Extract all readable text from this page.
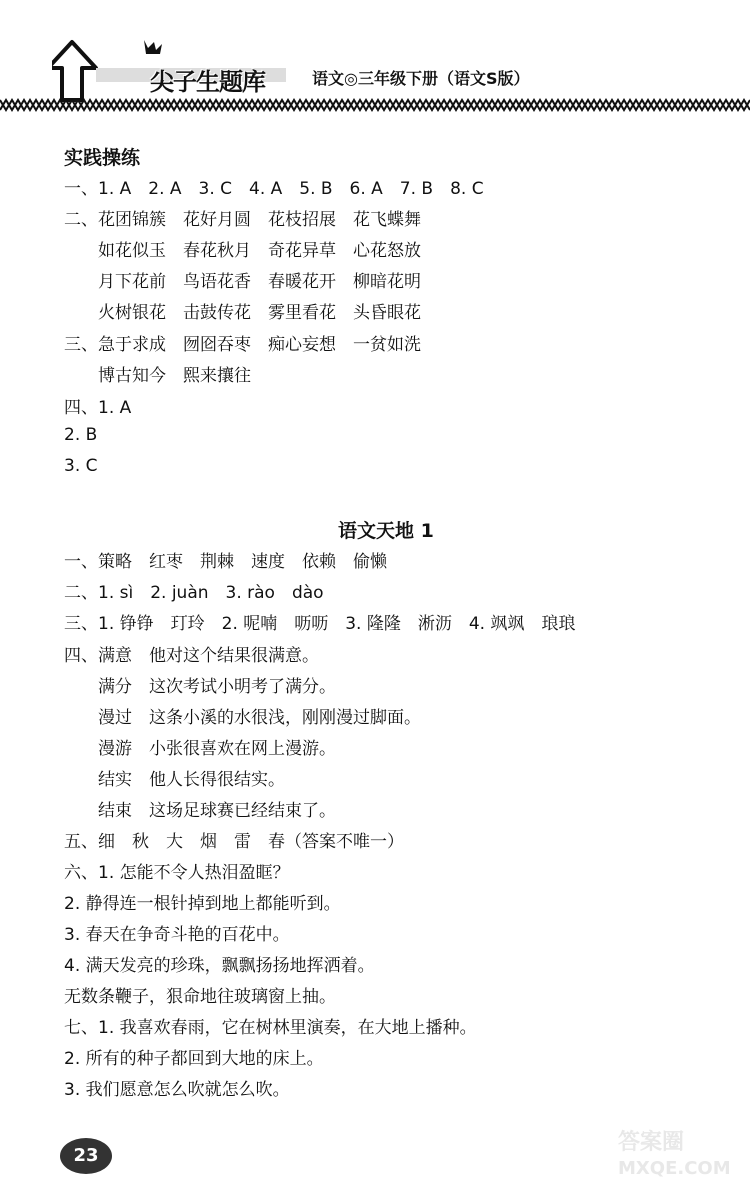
尖子生题库	语文◎三年级下册（语文S版）
实践操练
一、1. A　2. A　3. C　4. A　5. B　6. A　7. B　8. C
二、花团锦簇　花好月圆　花枝招展　花飞蝶舞
　　如花似玉　春花秋月　奇花异草　心花怒放
　　月下花前　鸟语花香　春暖花开　柳暗花明
　　火树银花　击鼓传花　雾里看花　头昏眼花
三、急于求成　囫囵吞枣　痴心妄想　一贫如洗
　　博古知今　熙来攘往
四、1. A
2. B
3. C
语文天地 1
一、策略　红枣　荆棘　速度　依赖　偷懒
二、1. sì　2. juàn　3. rào　dào
三、1. 铮铮　玎玲　2. 呢喃　呖呖　3. 隆隆　淅沥　4. 飒飒　琅琅
四、满意　他对这个结果很满意。
　　满分　这次考试小明考了满分。
　　漫过　这条小溪的水很浅，刚刚漫过脚面。
　　漫游　小张很喜欢在网上漫游。
　　结实　他人长得很结实。
　　结束　这场足球赛已经结束了。
五、细　秋　大　烟　雷　春（答案不唯一）
六、1. 怎能不令人热泪盈眶？
2. 静得连一根针掉到地上都能听到。
3. 春天在争奇斗艳的百花中。
4. 满天发亮的珍珠，飘飘扬扬地挥洒着。
无数条鞭子，狠命地往玻璃窗上抽。
七、1. 我喜欢春雨，它在树林里演奏，在大地上播种。
2. 所有的种子都回到大地的床上。
3. 我们愿意怎么吹就怎么吹。
23
答案圈
MXQE.COM
